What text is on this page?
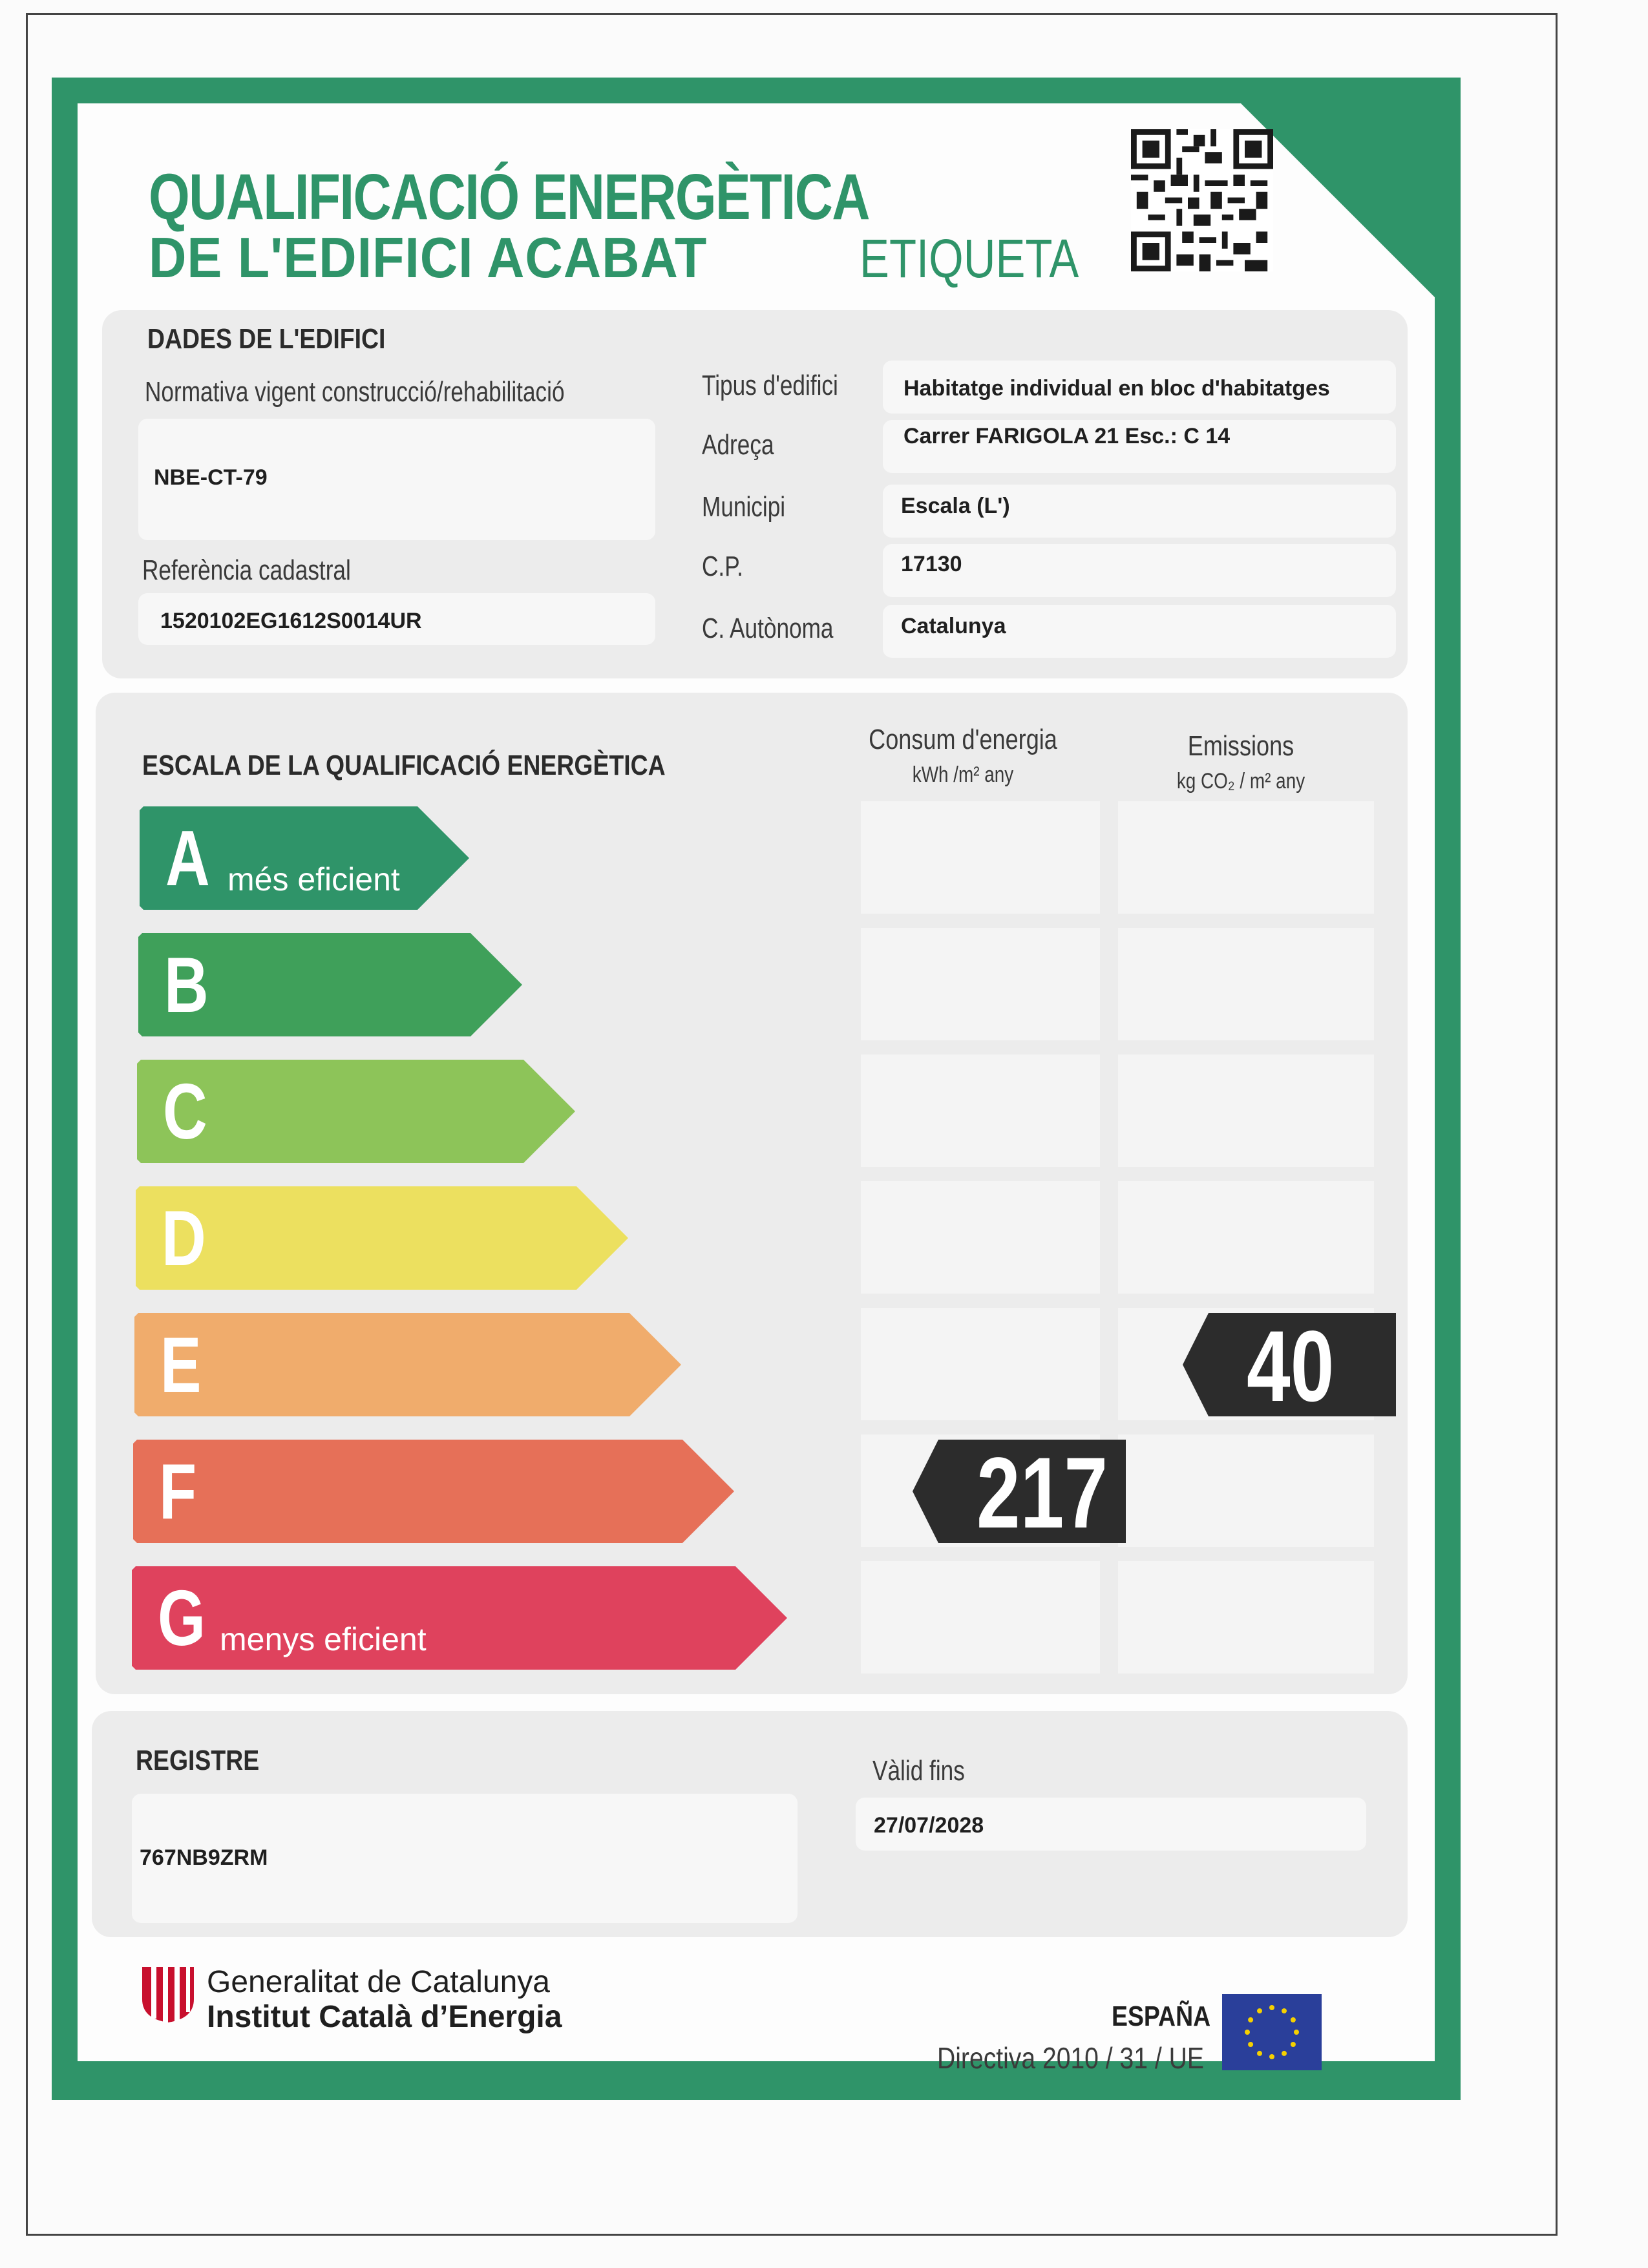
QUALIFICACIÓ ENERGÈTICA
DE L'EDIFICI ACABAT	ETIQUETA
DADES DE L'EDIFICI
Normativa vigent construcció/rehabilitació
NBE-CT-79
Referència cadastral
1520102EG1612S0014UR
Tipus d'edifici
Adreça
Municipi
C.P.
C. Autònoma
Habitatge individual en bloc d'habitatges
Carrer FARIGOLA 21 Esc.: C 14
Escala (L')
17130
Catalunya
ESCALA DE LA QUALIFICACIÓ ENERGÈTICA
Consum d'energia
kWh /m² any
Emissions
kg CO₂ / m² any
A més eficient
B
C
D
E
F
G menys eficient
217
40
REGISTRE
767NB9ZRM
Vàlid fins
27/07/2028
Generalitat de Catalunya
Institut Català d’Energia	ESPAÑA
Directiva 2010 / 31 / UE
